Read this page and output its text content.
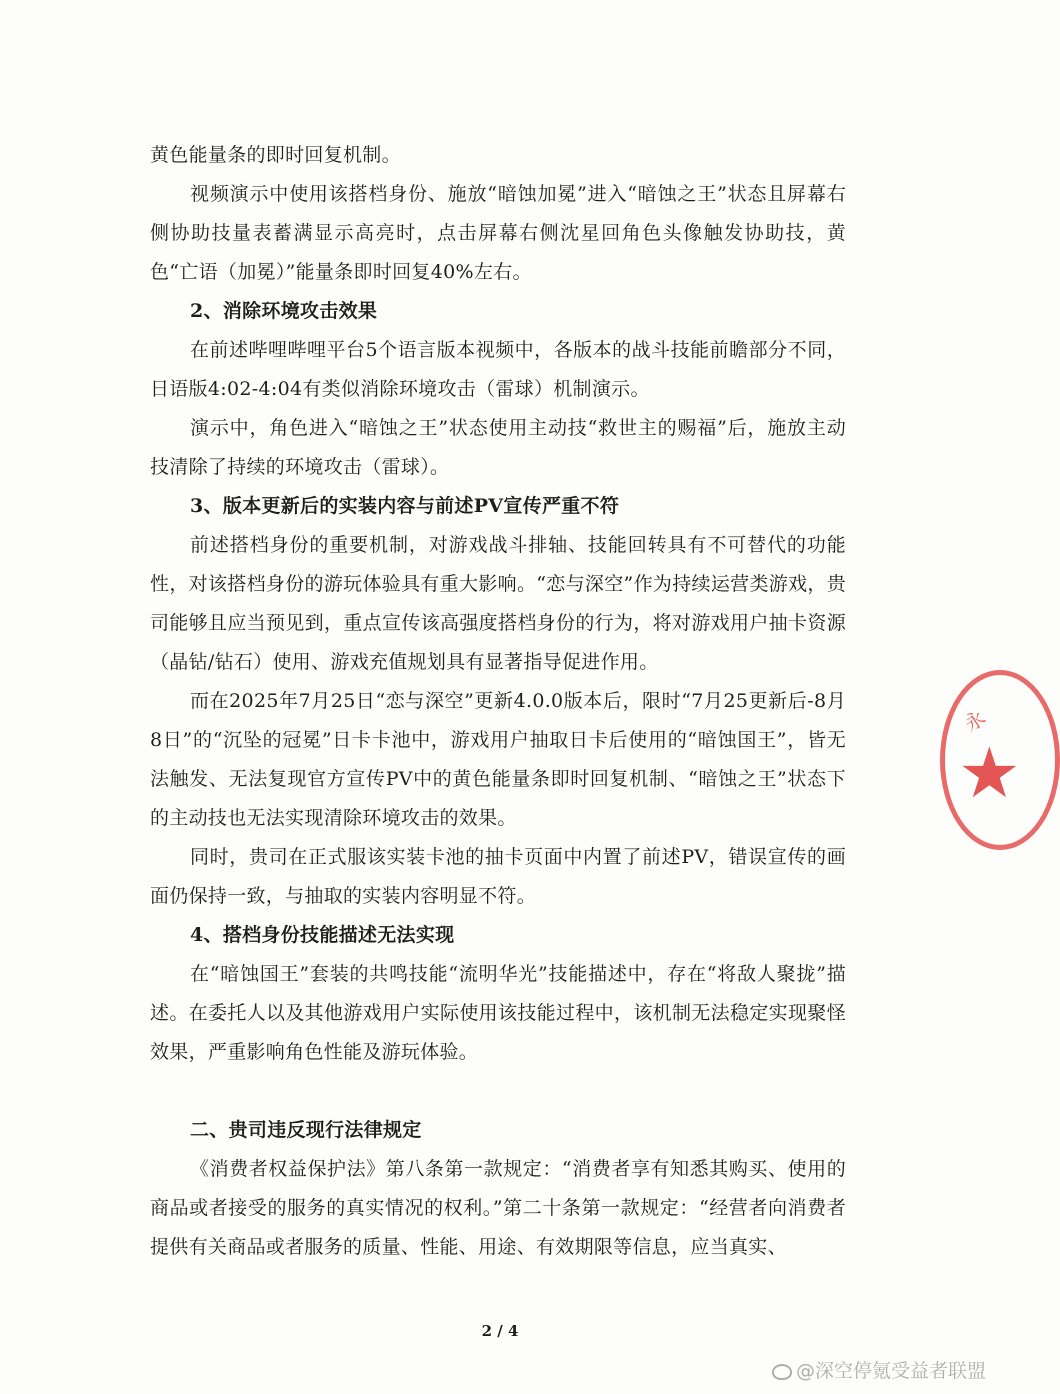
黄色能量条的即时回复机制。

视频演示中使用该搭档身份、施放“暗蚀加冕”进入“暗蚀之王”状态且屏幕右侧协助技量表蓄满显示高亮时，点击屏幕右侧沈星回角色头像触发协助技，黄色“亡语（加冕）”能量条即时回复40%左右。

2、消除环境攻击效果

在前述哔哩哔哩平台5个语言版本视频中，各版本的战斗技能前瞻部分不同，日语版4:02-4:04有类似消除环境攻击（雷球）机制演示。

演示中，角色进入“暗蚀之王”状态使用主动技“救世主的赐福”后，施放主动技清除了持续的环境攻击（雷球）。

3、版本更新后的实装内容与前述PV宣传严重不符

前述搭档身份的重要机制，对游戏战斗排轴、技能回转具有不可替代的功能性，对该搭档身份的游玩体验具有重大影响。“恋与深空”作为持续运营类游戏，贵司能够且应当预见到，重点宣传该高强度搭档身份的行为，将对游戏用户抽卡资源（晶钻/钻石）使用、游戏充值规划具有显著指导促进作用。

而在2025年7月25日“恋与深空”更新4.0.0版本后，限时“7月25更新后-8月8日”的“沉坠的冠冕”日卡卡池中，游戏用户抽取日卡后使用的“暗蚀国王”，皆无法触发、无法复现官方宣传PV中的黄色能量条即时回复机制、“暗蚀之王”状态下的主动技也无法实现清除环境攻击的效果。

同时，贵司在正式服该实装卡池的抽卡页面中内置了前述PV，错误宣传的画面仍保持一致，与抽取的实装内容明显不符。

4、搭档身份技能描述无法实现

在“暗蚀国王”套装的共鸣技能“流明华光”技能描述中，存在“将敌人聚拢”描述。在委托人以及其他游戏用户实际使用该技能过程中，该机制无法稳定实现聚怪效果，严重影响角色性能及游玩体验。

二、贵司违反现行法律规定

《消费者权益保护法》第八条第一款规定：“消费者享有知悉其购买、使用的商品或者接受的服务的真实情况的权利。”第二十条第一款规定：“经营者向消费者提供有关商品或者服务的质量、性能、用途、有效期限等信息，应当真实、

永
★
2 / 4
@深空停氪受益者联盟
